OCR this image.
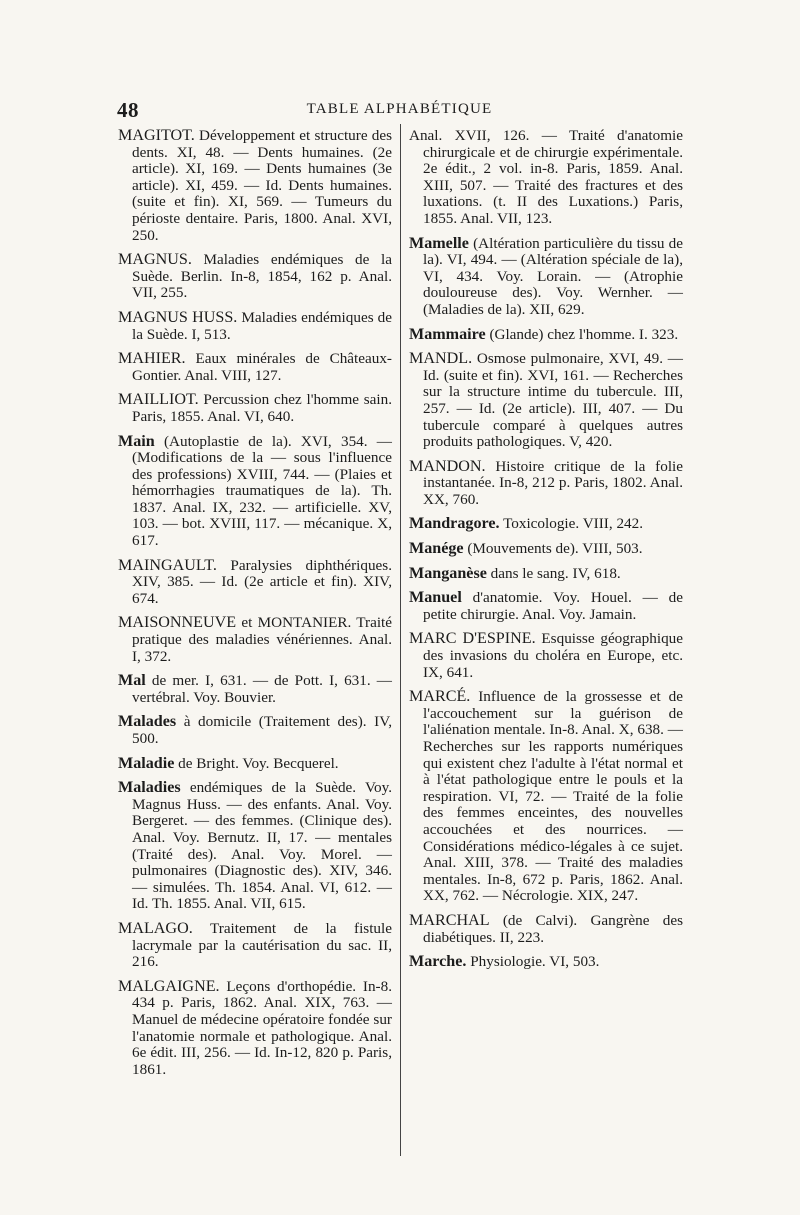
48	TABLE ALPHABÉTIQUE
MAGITOT. Développement et structure des dents. XI, 48. — Dents humaines. (2e article). XI, 169. — Dents humaines (3e article). XI, 459. — Id. Dents humaines. (suite et fin). XI, 569. — Tumeurs du périoste dentaire. Paris, 1800. Anal. XVI, 250.
MAGNUS. Maladies endémiques de la Suède. Berlin. In-8, 1854, 162 p. Anal. VII, 255.
MAGNUS HUSS. Maladies endémiques de la Suède. I, 513.
MAHIER. Eaux minérales de Châteaux-Gontier. Anal. VIII, 127.
MAILLIOT. Percussion chez l'homme sain. Paris, 1855. Anal. VI, 640.
Main (Autoplastie de la). XVI, 354. — (Modifications de la — sous l'influence des professions) XVIII, 744. — (Plaies et hémorrhagies traumatiques de la). Th. 1837. Anal. IX, 232. — artificielle. XV, 103. — bot. XVIII, 117. — mécanique. X, 617.
MAINGAULT. Paralysies diphthériques. XIV, 385. — Id. (2e article et fin). XIV, 674.
MAISONNEUVE et MONTANIER. Traité pratique des maladies vénériennes. Anal. I, 372.
Mal de mer. I, 631. — de Pott. I, 631. — vertébral. Voy. Bouvier.
Malades à domicile (Traitement des). IV, 500.
Maladie de Bright. Voy. Becquerel.
Maladies endémiques de la Suède. Voy. Magnus Huss. — des enfants. Anal. Voy. Bergeret. — des femmes. (Clinique des). Anal. Voy. Bernutz. II, 17. — mentales (Traité des). Anal. Voy. Morel. — pulmonaires (Diagnostic des). XIV, 346. — simulées. Th. 1854. Anal. VI, 612. — Id. Th. 1855. Anal. VII, 615.
MALAGO. Traitement de la fistule lacrymale par la cautérisation du sac. II, 216.
MALGAIGNE. Leçons d'orthopédie. In-8. 434 p. Paris, 1862. Anal. XIX, 763. — Manuel de médecine opératoire fondée sur l'anatomie normale et pathologique. Anal. 6e édit. III, 256. — Id. In-12, 820 p. Paris, 1861.
Anal. XVII, 126. — Traité d'anatomie chirurgicale et de chirurgie expérimentale. 2e édit., 2 vol. in-8. Paris, 1859. Anal. XIII, 507. — Traité des fractures et des luxations. (t. II des Luxations.) Paris, 1855. Anal. VII, 123.
Mamelle (Altération particulière du tissu de la). VI, 494. — (Altération spéciale de la), VI, 434. Voy. Lorain. — (Atrophie douloureuse des). Voy. Wernher. — (Maladies de la). XII, 629.
Mammaire (Glande) chez l'homme. I. 323.
MANDL. Osmose pulmonaire, XVI, 49. — Id. (suite et fin). XVI, 161. — Recherches sur la structure intime du tubercule. III, 257. — Id. (2e article). III, 407. — Du tubercule comparé à quelques autres produits pathologiques. V, 420.
MANDON. Histoire critique de la folie instantanée. In-8, 212 p. Paris, 1802. Anal. XX, 760.
Mandragore. Toxicologie. VIII, 242.
Manége (Mouvements de). VIII, 503.
Manganèse dans le sang. IV, 618.
Manuel d'anatomie. Voy. Houel. — de petite chirurgie. Anal. Voy. Jamain.
MARC D'ESPINE. Esquisse géographique des invasions du choléra en Europe, etc. IX, 641.
MARCÉ. Influence de la grossesse et de l'accouchement sur la guérison de l'aliénation mentale. In-8. Anal. X, 638. — Recherches sur les rapports numériques qui existent chez l'adulte à l'état normal et à l'état pathologique entre le pouls et la respiration. VI, 72. — Traité de la folie des femmes enceintes, des nouvelles accouchées et des nourrices. — Considérations médico-légales à ce sujet. Anal. XIII, 378. — Traité des maladies mentales. In-8, 672 p. Paris, 1862. Anal. XX, 762. — Nécrologie. XIX, 247.
MARCHAL (de Calvi). Gangrène des diabétiques. II, 223.
Marche. Physiologie. VI, 503.
